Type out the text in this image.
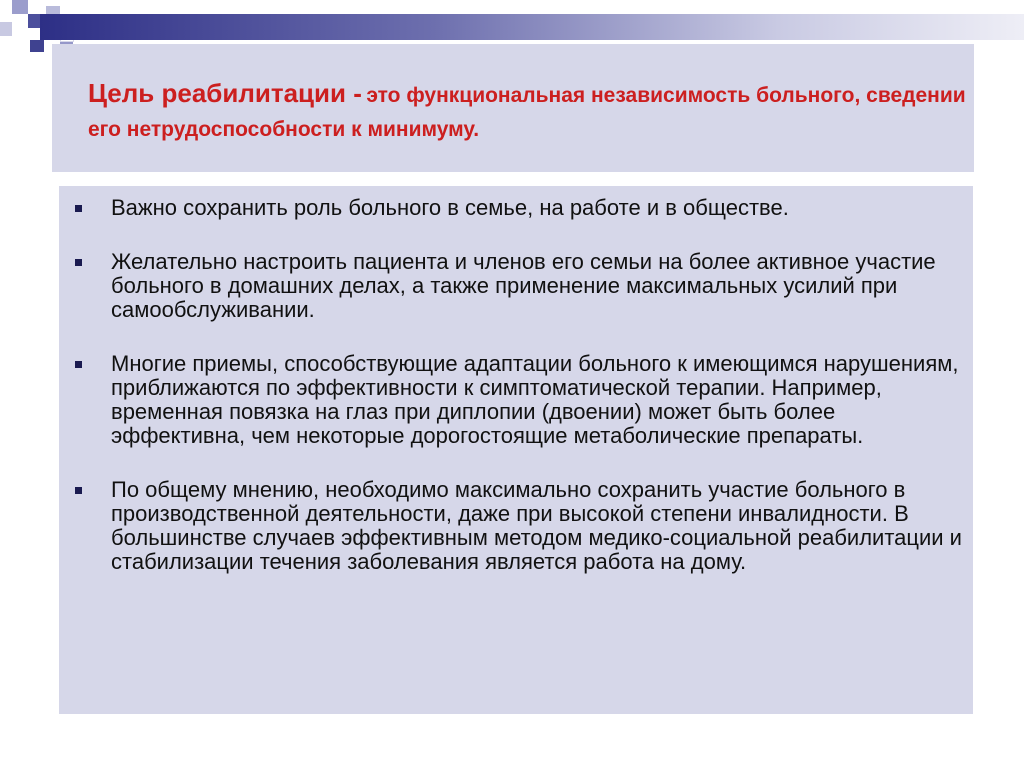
Цель реабилитации - это функциональная независимость больного, сведении его нетрудоспособности к минимуму.
Важно сохранить роль больного в семье, на работе и в обществе.
Желательно настроить пациента и членов его семьи на более активное участие больного в домашних делах, а также применение максимальных усилий при самообслуживании.
Многие приемы, способствующие адаптации больного к имеющимся нарушениям, приближаются по эффективности к симптоматической терапии. Например, временная повязка на глаз при диплопии (двоении) может быть более эффективна, чем некоторые дорогостоящие метаболические препараты.
По общему мнению, необходимо максимально сохранить участие больного в производственной деятельности, даже при высокой степени инвалидности. В большинстве случаев эффективным методом медико-социальной реабилитации и стабилизации течения заболевания является работа на дому.
